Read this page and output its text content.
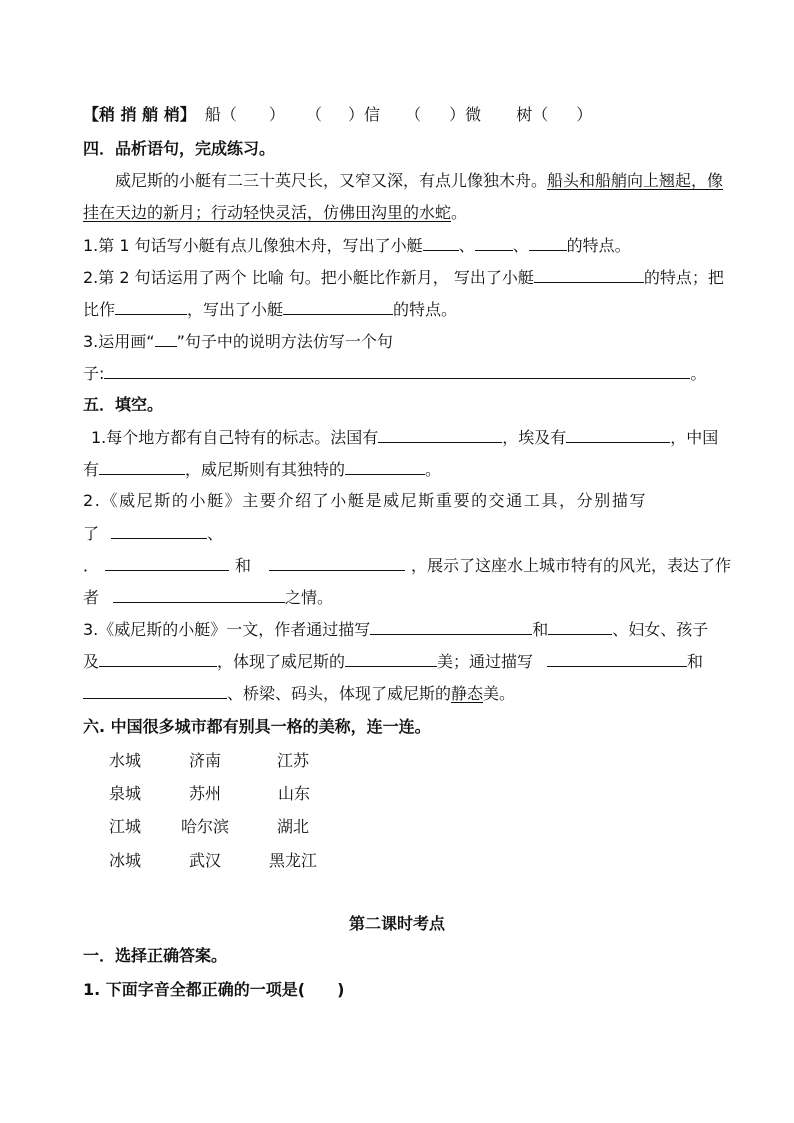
【稍 捎 艄 梢】 船（ ） （ ）信 （ ）微 树（ ）
四．品析语句，完成练习。
威尼斯的小艇有二三十英尺长，又窄又深，有点儿像独木舟。船头和船艄向上翘起，像
挂在天边的新月；行动轻快灵活，仿佛田沟里的水蛇。
1.第 1 句话写小艇有点儿像独木舟，写出了小艇 、 、 的特点。
2.第 2 句话运用了两个 比喻 句。把小艇比作新月， 写出了小艇	的特点；把
比作	，写出了小艇	的特点。
3.运用画“ ”句子中的说明方法仿写一个句
子:	。
五．填空。
1.每个地方都有自己特有的标志。法国有	，埃及有	，中国
有	，威尼斯则有其独特的	。
2.《威尼斯的小艇》主要介绍了小艇是威尼斯重要的交通工具，分别描写
了	、
．	和	，展示了这座水上城市特有的风光，表达了作
者	之情。
3.《威尼斯的小艇》一文，作者通过描写	和	、妇女、孩子
及	，体现了威尼斯的	美；通过描写	和
、桥梁、码头，体现了威尼斯的静态美。
六. 中国很多城市都有别具一格的美称，连一连。
水城	济南	江苏
泉城	苏州	山东
江城 哈尔滨	湖北
冰城	武汉	黑龙江
第二课时考点
一．选择正确答案。
1. 下面字音全都正确的一项是(　　)
